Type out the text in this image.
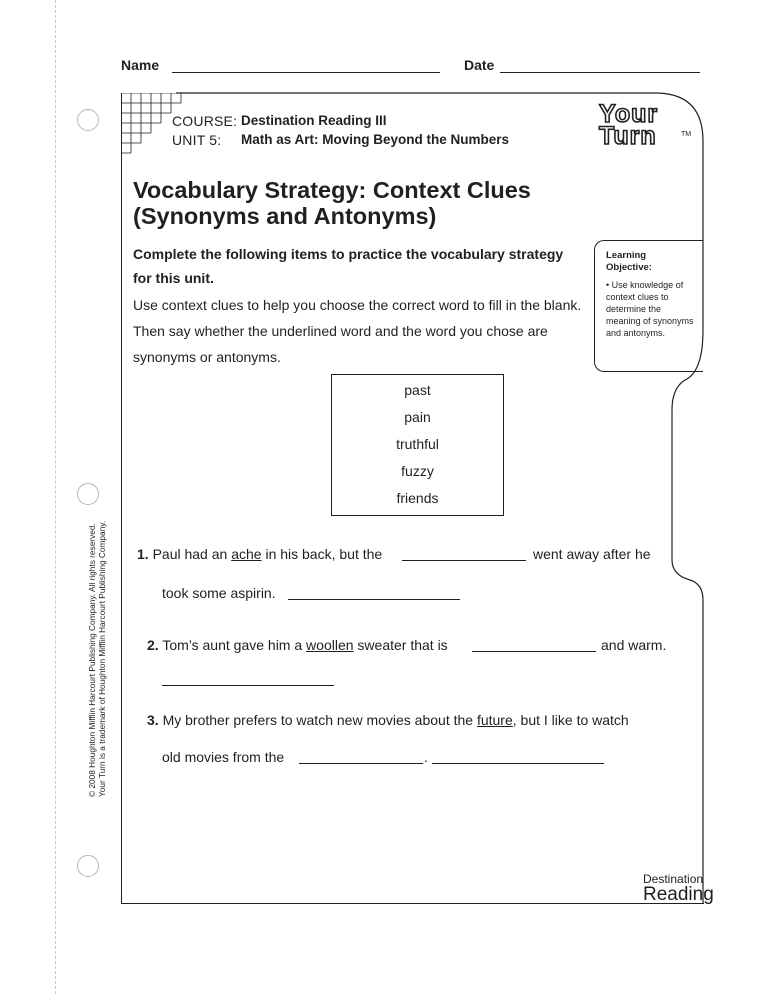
Name	Date
COURSE: Destination Reading III
UNIT 5: Math as Art: Moving Beyond the Numbers
Your
Turn	TM
Vocabulary Strategy: Context Clues
(Synonyms and Antonyms)
Complete the following items to practice the vocabulary strategy for this unit.
Use context clues to help you choose the correct word to fill in the blank. Then say whether the underlined word and the word you chose are synonyms or antonyms.
Learning
Objective:
• Use knowledge of context clues to determine the meaning of synonyms and antonyms.
past
pain
truthful
fuzzy
friends
1. Paul had an ache in his back, but the	went away after he
took some aspirin.
2. Tom’s aunt gave him a woollen sweater that is	and warm.
3. My brother prefers to watch new movies about the future, but I like to watch
old movies from the	.
© 2008 Houghton Mifflin Harcourt Publishing Company. All rights reserved. Your Turn is a trademark of Houghton Mifflin Harcourt Publishing Company.
Destination
Reading
